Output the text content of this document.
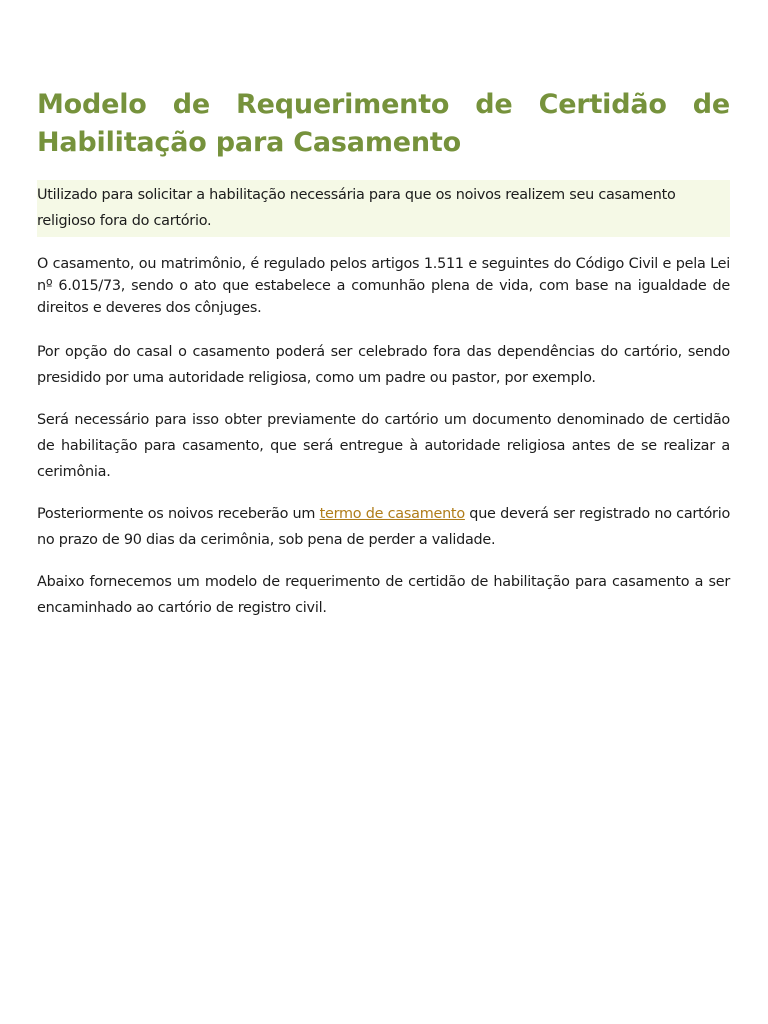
Modelo de Requerimento de Certidão de Habilitação para Casamento
Utilizado para solicitar a habilitação necessária para que os noivos realizem seu casamento religioso fora do cartório.

O casamento, ou matrimônio, é regulado pelos artigos 1.511 e seguintes do Código Civil e pela Lei nº 6.015/73, sendo o ato que estabelece a comunhão plena de vida, com base na igualdade de direitos e deveres dos cônjuges.

Por opção do casal o casamento poderá ser celebrado fora das dependências do cartório, sendo presidido por uma autoridade religiosa, como um padre ou pastor, por exemplo.

Será necessário para isso obter previamente do cartório um documento denominado de certidão de habilitação para casamento, que será entregue à autoridade religiosa antes de se realizar a cerimônia.

Posteriormente os noivos receberão um termo de casamento que deverá ser registrado no cartório no prazo de 90 dias da cerimônia, sob pena de perder a validade.

Abaixo fornecemos um modelo de requerimento de certidão de habilitação para casamento a ser encaminhado ao cartório de registro civil.
